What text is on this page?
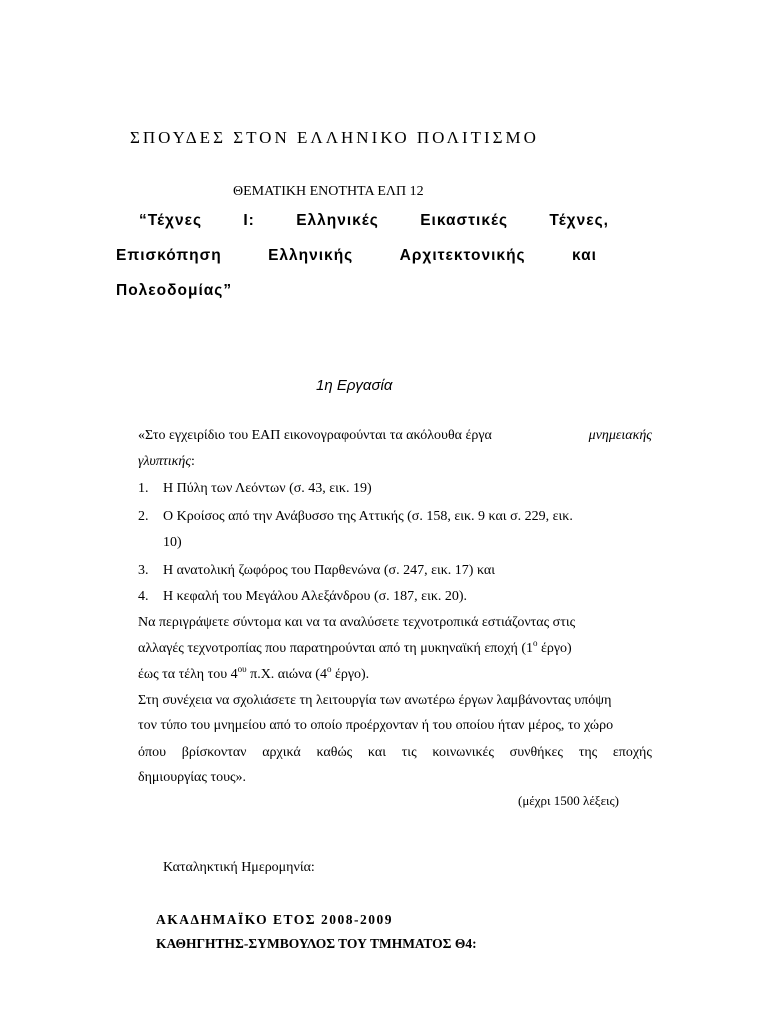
ΣΠΟΥΔΕΣ ΣΤΟΝ ΕΛΛΗΝΙΚΟ ΠΟΛΙΤΙΣΜΟ
ΘΕΜΑΤΙΚΗ ΕΝΟΤΗΤΑ ΕΛΠ 12
“Τέχνες	Ι:	Ελληνικές	Εικαστικές	Τέχνες,
Επισκόπηση	Ελληνικής	Αρχιτεκτονικής	και
Πολεοδομίας”
1η Εργασία
«Στο εγχειρίδιο του ΕΑΠ εικονογραφούνται τα ακόλουθα έργα	μνημειακής
γλυπτικής:
1. Η Πύλη των Λεόντων (σ. 43, εικ. 19)
2. Ο Κροίσος από την Ανάβυσσο της Αττικής (σ. 158, εικ. 9 και σ. 229, εικ.
10)
3. Η ανατολική ζωφόρος του Παρθενώνα (σ. 247, εικ. 17) και
4. Η κεφαλή του Μεγάλου Αλεξάνδρου (σ. 187, εικ. 20).
Να περιγράψετε σύντομα και να τα αναλύσετε τεχνοτροπικά εστιάζοντας στις
αλλαγές τεχνοτροπίας που παρατηρούνται από τη μυκηναϊκή εποχή ($1^o$ έργο)
έως τα τέλη του $4^{o\upsilon}$ π.Χ. αιώνα ($4^o$ έργο).
Στη συνέχεια να σχολιάσετε τη λειτουργία των ανωτέρω έργων λαμβάνοντας υπόψη
τον τύπο του μνημείου από το οποίο προέρχονταν ή του οποίου ήταν μέρος, το χώρο
όπου βρίσκονταν αρχικά καθώς και τις κοινωνικές συνθήκες της εποχής
δημιουργίας τους».
(μέχρι 1500 λέξεις)
Καταληκτική Ημερομηνία:
ΑΚΑΔΗΜΑΪΚΟ ΕΤΟΣ 2008-2009
ΚΑΘΗΓΗΤΗΣ-ΣΥΜΒΟΥΛΟΣ ΤΟΥ ΤΜΗΜΑΤΟΣ Θ4:
